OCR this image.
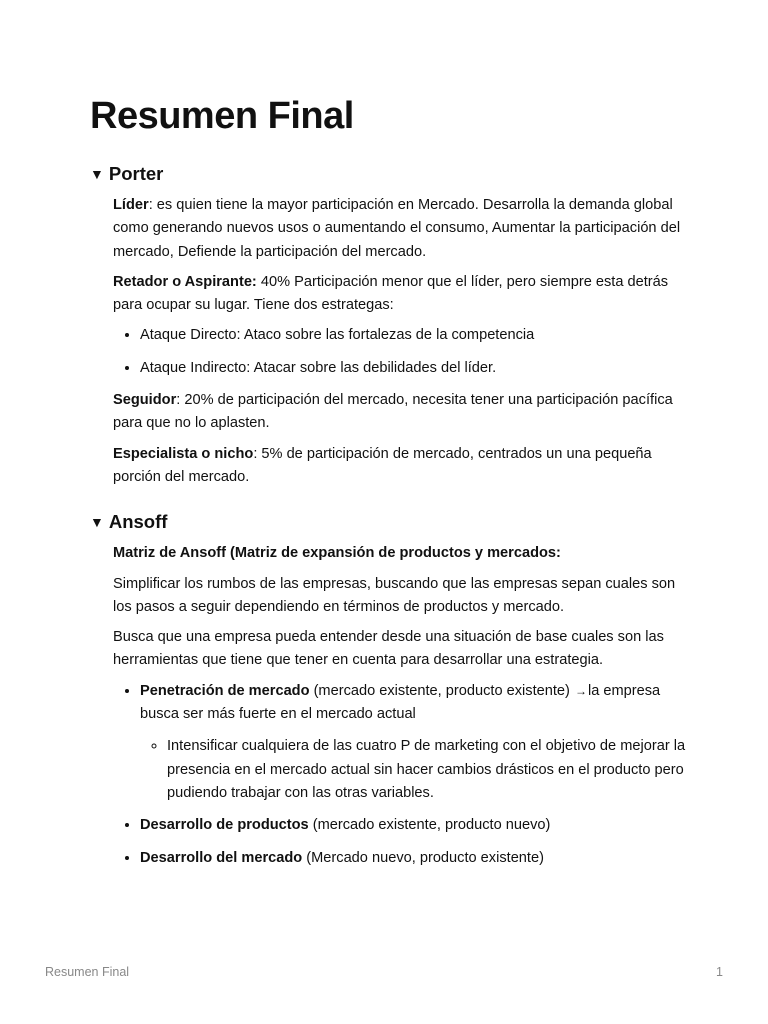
Resumen Final
▼ Porter

Líder: es quien tiene la mayor participación en Mercado. Desarrolla la demanda global como generando nuevos usos o aumentando el consumo, Aumentar la participación del mercado, Defiende la participación del mercado.

Retador o Aspirante: 40% Participación menor que el líder, pero siempre esta detrás para ocupar su lugar. Tiene dos estrategas:

• Ataque Directo: Ataco sobre las fortalezas de la competencia
• Ataque Indirecto: Atacar sobre las debilidades del líder.

Seguidor: 20% de participación del mercado, necesita tener una participación pacífica para que no lo aplasten.

Especialista o nicho: 5% de participación de mercado, centrados un una pequeña porción del mercado.

▼ Ansoff

Matriz de Ansoff (Matriz de expansión de productos y mercados:

Simplificar los rumbos de las empresas, buscando que las empresas sepan cuales son los pasos a seguir dependiendo en términos de productos y mercado.

Busca que una empresa pueda entender desde una situación de base cuales son las herramientas que tiene que tener en cuenta para desarrollar una estrategia.

• Penetración de mercado (mercado existente, producto existente) →la empresa busca ser más fuerte en el mercado actual
◦ Intensificar cualquiera de las cuatro P de marketing con el objetivo de mejorar la presencia en el mercado actual sin hacer cambios drásticos en el producto pero pudiendo trabajar con las otras variables.
• Desarrollo de productos (mercado existente, producto nuevo)
• Desarrollo del mercado (Mercado nuevo, producto existente)
Resumen Final	1
